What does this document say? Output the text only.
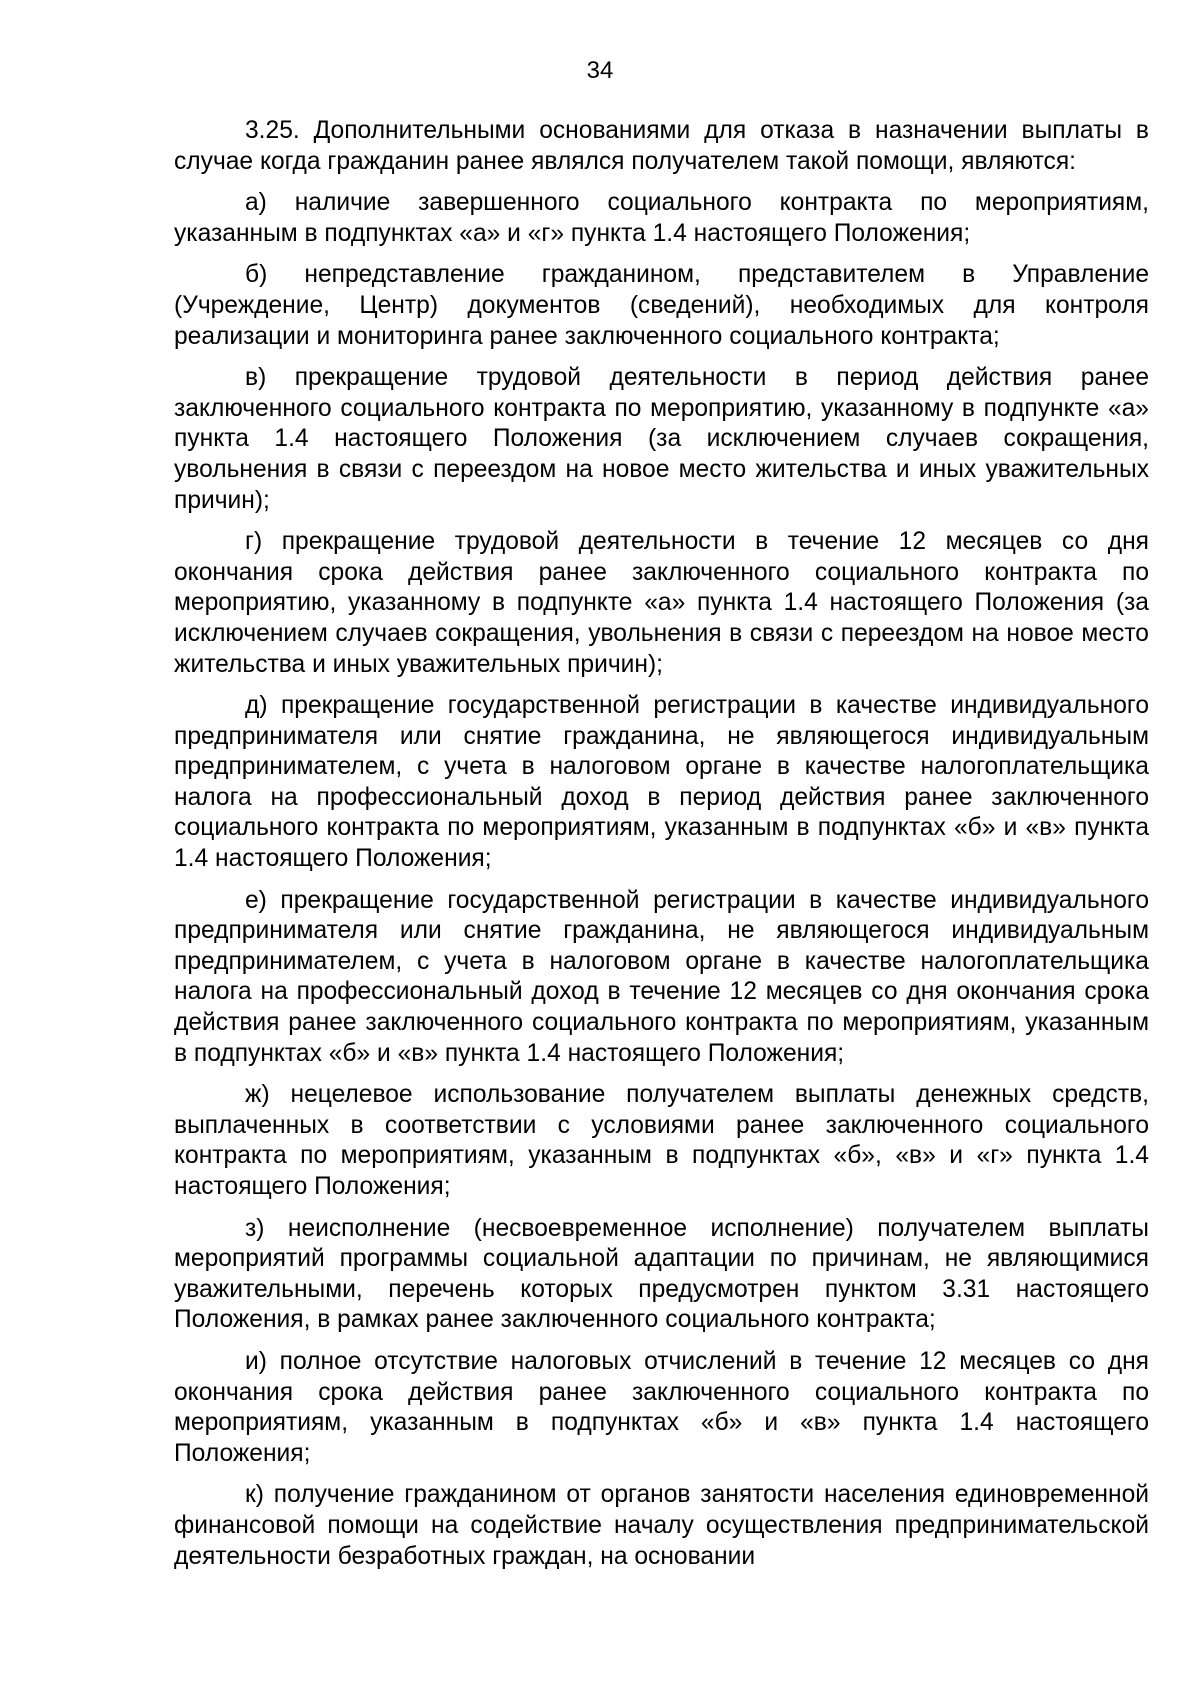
34

3.25. Дополнительными основаниями для отказа в назначении выплаты в случае когда гражданин ранее являлся получателем такой помощи, являются:

а) наличие завершенного социального контракта по мероприятиям, указанным в подпунктах «а» и «г» пункта 1.4 настоящего Положения;

б) непредставление гражданином, представителем в Управление (Учреждение, Центр) документов (сведений), необходимых для контроля реализации и мониторинга ранее заключенного социального контракта;

в) прекращение трудовой деятельности в период действия ранее заключенного социального контракта по мероприятию, указанному в подпункте «а» пункта 1.4 настоящего Положения (за исключением случаев сокращения, увольнения в связи с переездом на новое место жительства и иных уважительных причин);

г) прекращение трудовой деятельности в течение 12 месяцев со дня окончания срока действия ранее заключенного социального контракта по мероприятию, указанному в подпункте «а» пункта 1.4 настоящего Положения (за исключением случаев сокращения, увольнения в связи с переездом на новое место жительства и иных уважительных причин);

д) прекращение государственной регистрации в качестве индивидуального предпринимателя или снятие гражданина, не являющегося индивидуальным предпринимателем, с учета в налоговом органе в качестве налогоплательщика налога на профессиональный доход в период действия ранее заключенного социального контракта по мероприятиям, указанным в подпунктах «б» и «в» пункта 1.4 настоящего Положения;

е) прекращение государственной регистрации в качестве индивидуального предпринимателя или снятие гражданина, не являющегося индивидуальным предпринимателем, с учета в налоговом органе в качестве налогоплательщика налога на профессиональный доход в течение 12 месяцев со дня окончания срока действия ранее заключенного социального контракта по мероприятиям, указанным в подпунктах «б» и «в» пункта 1.4 настоящего Положения;

ж) нецелевое использование получателем выплаты денежных средств, выплаченных в соответствии с условиями ранее заключенного социального контракта по мероприятиям, указанным в подпунктах «б», «в» и «г» пункта 1.4 настоящего Положения;

з) неисполнение (несвоевременное исполнение) получателем выплаты мероприятий программы социальной адаптации по причинам, не являющимися уважительными, перечень которых предусмотрен пунктом 3.31 настоящего Положения, в рамках ранее заключенного социального контракта;

и) полное отсутствие налоговых отчислений в течение 12 месяцев со дня окончания срока действия ранее заключенного социального контракта по мероприятиям, указанным в подпунктах «б» и «в» пункта 1.4 настоящего Положения;

к) получение гражданином от органов занятости населения единовременной финансовой помощи на содействие началу осуществления предпринимательской деятельности безработных граждан, на основании
